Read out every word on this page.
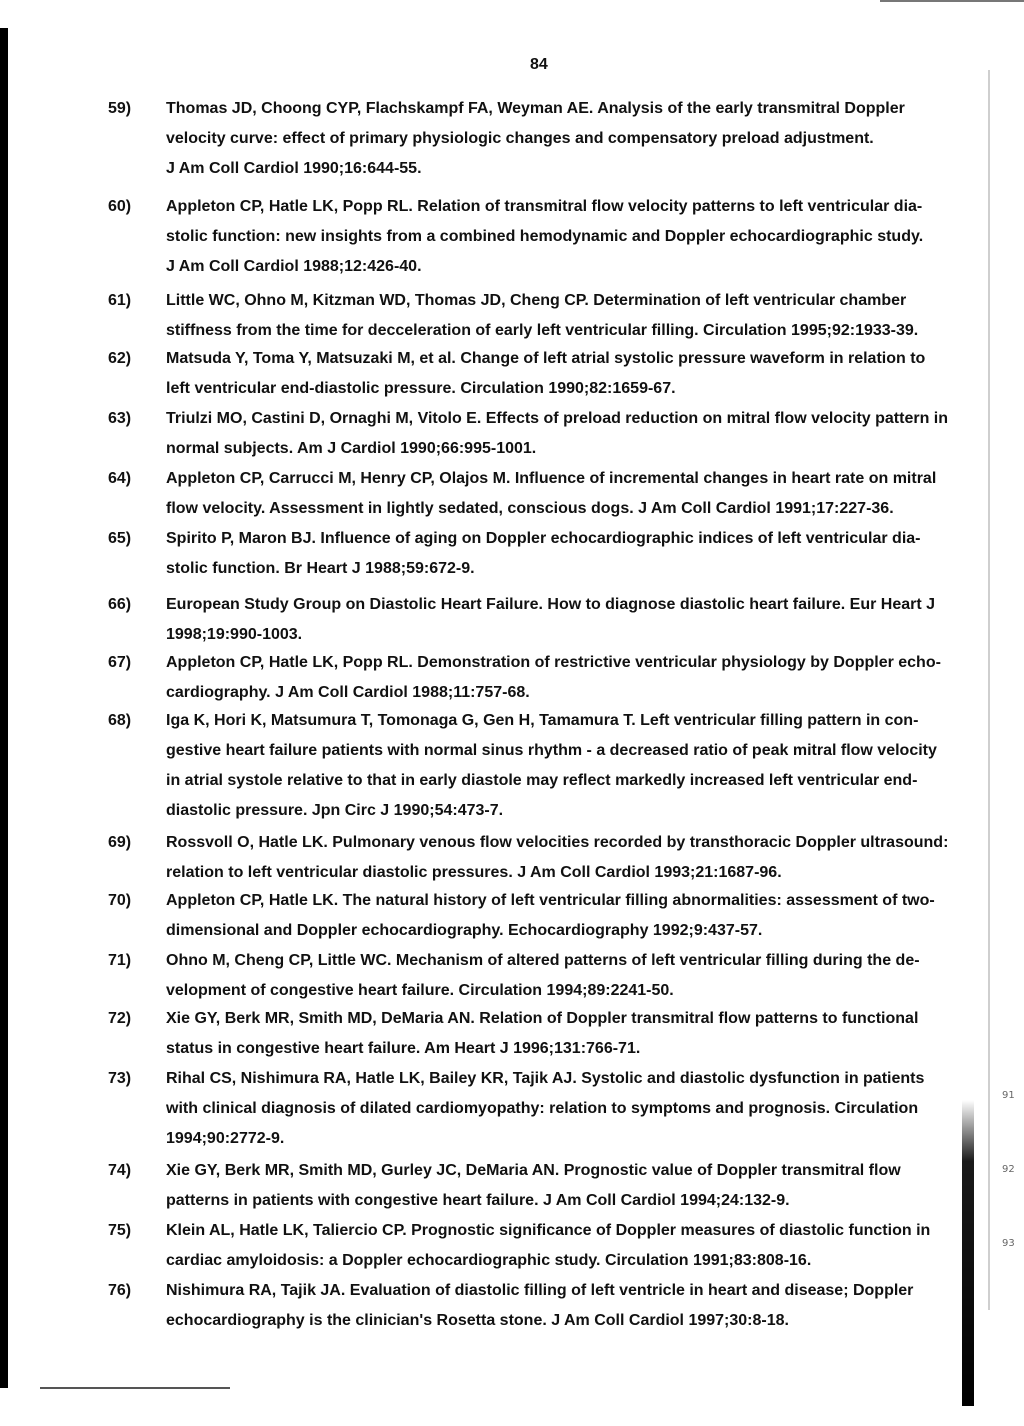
84
59) Thomas JD, Choong CYP, Flachskampf FA, Weyman AE. Analysis of the early transmitral Doppler
velocity curve: effect of primary physiologic changes and compensatory preload adjustment.
J Am Coll Cardiol 1990;16:644-55.
60) Appleton CP, Hatle LK, Popp RL. Relation of transmitral flow velocity patterns to left ventricular dia-
stolic function: new insights from a combined hemodynamic and Doppler echocardiographic study.
J Am Coll Cardiol 1988;12:426-40.
61) Little WC, Ohno M, Kitzman WD, Thomas JD, Cheng CP. Determination of left ventricular chamber
stiffness from the time for decceleration of early left ventricular filling. Circulation 1995;92:1933-39.
62) Matsuda Y, Toma Y, Matsuzaki M, et al. Change of left atrial systolic pressure waveform in relation to
left ventricular end-diastolic pressure. Circulation 1990;82:1659-67.
63) Triulzi MO, Castini D, Ornaghi M, Vitolo E. Effects of preload reduction on mitral flow velocity pattern in
normal subjects. Am J Cardiol 1990;66:995-1001.
64) Appleton CP, Carrucci M, Henry CP, Olajos M. Influence of incremental changes in heart rate on mitral
flow velocity. Assessment in lightly sedated, conscious dogs. J Am Coll Cardiol 1991;17:227-36.
65) Spirito P, Maron BJ. Influence of aging on Doppler echocardiographic indices of left ventricular dia-
stolic function. Br Heart J 1988;59:672-9.
66) European Study Group on Diastolic Heart Failure. How to diagnose diastolic heart failure. Eur Heart J
1998;19:990-1003.
67) Appleton CP, Hatle LK, Popp RL. Demonstration of restrictive ventricular physiology by Doppler echo-
cardiography. J Am Coll Cardiol 1988;11:757-68.
68) Iga K, Hori K, Matsumura T, Tomonaga G, Gen H, Tamamura T. Left ventricular filling pattern in con-
gestive heart failure patients with normal sinus rhythm - a decreased ratio of peak mitral flow velocity
in atrial systole relative to that in early diastole may reflect markedly increased left ventricular end-
diastolic pressure. Jpn Circ J 1990;54:473-7.
69) Rossvoll O, Hatle LK. Pulmonary venous flow velocities recorded by transthoracic Doppler ultrasound:
relation to left ventricular diastolic pressures. J Am Coll Cardiol 1993;21:1687-96.
70) Appleton CP, Hatle LK. The natural history of left ventricular filling abnormalities: assessment of two-
dimensional and Doppler echocardiography. Echocardiography 1992;9:437-57.
71) Ohno M, Cheng CP, Little WC. Mechanism of altered patterns of left ventricular filling during the de-
velopment of congestive heart failure. Circulation 1994;89:2241-50.
72) Xie GY, Berk MR, Smith MD, DeMaria AN. Relation of Doppler transmitral flow patterns to functional
status in congestive heart failure. Am Heart J 1996;131:766-71.
73) Rihal CS, Nishimura RA, Hatle LK, Bailey KR, Tajik AJ. Systolic and diastolic dysfunction in patients
with clinical diagnosis of dilated cardiomyopathy: relation to symptoms and prognosis. Circulation
1994;90:2772-9.
74) Xie GY, Berk MR, Smith MD, Gurley JC, DeMaria AN. Prognostic value of Doppler transmitral flow
patterns in patients with congestive heart failure. J Am Coll Cardiol 1994;24:132-9.
75) Klein AL, Hatle LK, Taliercio CP. Prognostic significance of Doppler measures of diastolic function in
cardiac amyloidosis: a Doppler echocardiographic study. Circulation 1991;83:808-16.
76) Nishimura RA, Tajik JA. Evaluation of diastolic filling of left ventricle in heart and disease; Doppler
echocardiography is the clinician's Rosetta stone. J Am Coll Cardiol 1997;30:8-18.
91
92
93
